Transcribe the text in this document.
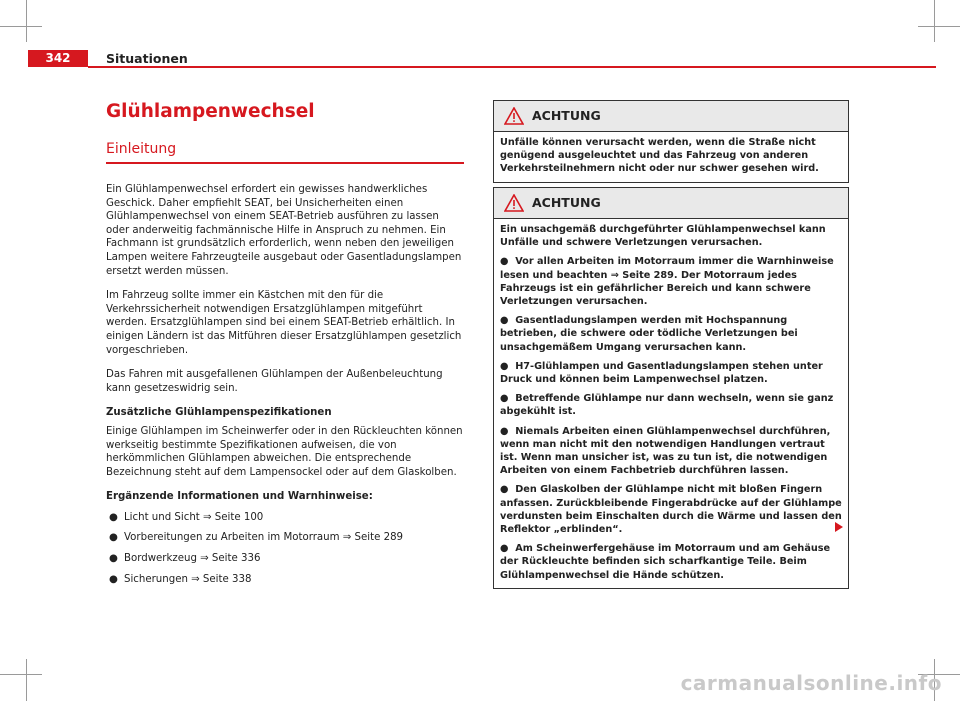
342	Situationen
Glühlampenwechsel
Einleitung

Ein Glühlampenwechsel erfordert ein gewisses handwerkliches Geschick. Daher empfiehlt SEAT, bei Unsicherheiten einen Glühlampenwechsel von einem SEAT-Betrieb ausführen zu lassen oder anderweitig fachmännische Hilfe in Anspruch zu nehmen. Ein Fachmann ist grundsätzlich erforderlich, wenn neben den jeweiligen Lampen weitere Fahrzeugteile ausgebaut oder Gasentladungslampen ersetzt werden müssen.

Im Fahrzeug sollte immer ein Kästchen mit den für die Verkehrssicherheit notwendigen Ersatzglühlampen mitgeführt werden. Ersatzglühlampen sind bei einem SEAT-Betrieb erhältlich. In einigen Ländern ist das Mitführen dieser Ersatzglühlampen gesetzlich vorgeschrieben.

Das Fahren mit ausgefallenen Glühlampen der Außenbeleuchtung kann gesetzeswidrig sein.

Zusätzliche Glühlampenspezifikationen

Einige Glühlampen im Scheinwerfer oder in den Rückleuchten können werkseitig bestimmte Spezifikationen aufweisen, die von herkömmlichen Glühlampen abweichen. Die entsprechende Bezeichnung steht auf dem Lampensockel oder auf dem Glaskolben.

Ergänzende Informationen und Warnhinweise:

● Licht und Sicht ⇒ Seite 100
● Vorbereitungen zu Arbeiten im Motorraum ⇒ Seite 289
● Bordwerkzeug ⇒ Seite 336
● Sicherungen ⇒ Seite 338
ACHTUNG

Unfälle können verursacht werden, wenn die Straße nicht genügend ausgeleuchtet und das Fahrzeug von anderen Verkehrsteilnehmern nicht oder nur schwer gesehen wird.

ACHTUNG

Ein unsachgemäß durchgeführter Glühlampenwechsel kann Unfälle und schwere Verletzungen verursachen.

● Vor allen Arbeiten im Motorraum immer die Warnhinweise lesen und beachten ⇒ Seite 289. Der Motorraum jedes Fahrzeugs ist ein gefährlicher Bereich und kann schwere Verletzungen verursachen.

● Gasentladungslampen werden mit Hochspannung betrieben, die schwere oder tödliche Verletzungen bei unsachgemäßem Umgang verursachen kann.

● H7-Glühlampen und Gasentladungslampen stehen unter Druck und können beim Lampenwechsel platzen.

● Betreffende Glühlampe nur dann wechseln, wenn sie ganz abgekühlt ist.

● Niemals Arbeiten einen Glühlampenwechsel durchführen, wenn man nicht mit den notwendigen Handlungen vertraut ist. Wenn man unsicher ist, was zu tun ist, die notwendigen Arbeiten von einem Fachbetrieb durchführen lassen.

● Den Glaskolben der Glühlampe nicht mit bloßen Fingern anfassen. Zurückbleibende Fingerabdrücke auf der Glühlampe verdunsten beim Einschalten durch die Wärme und lassen den Reflektor „erblinden“.

● Am Scheinwerfergehäuse im Motorraum und am Gehäuse der Rückleuchte befinden sich scharfkantige Teile. Beim Glühlampenwechsel die Hände schützen.

carmanualsonline.info
